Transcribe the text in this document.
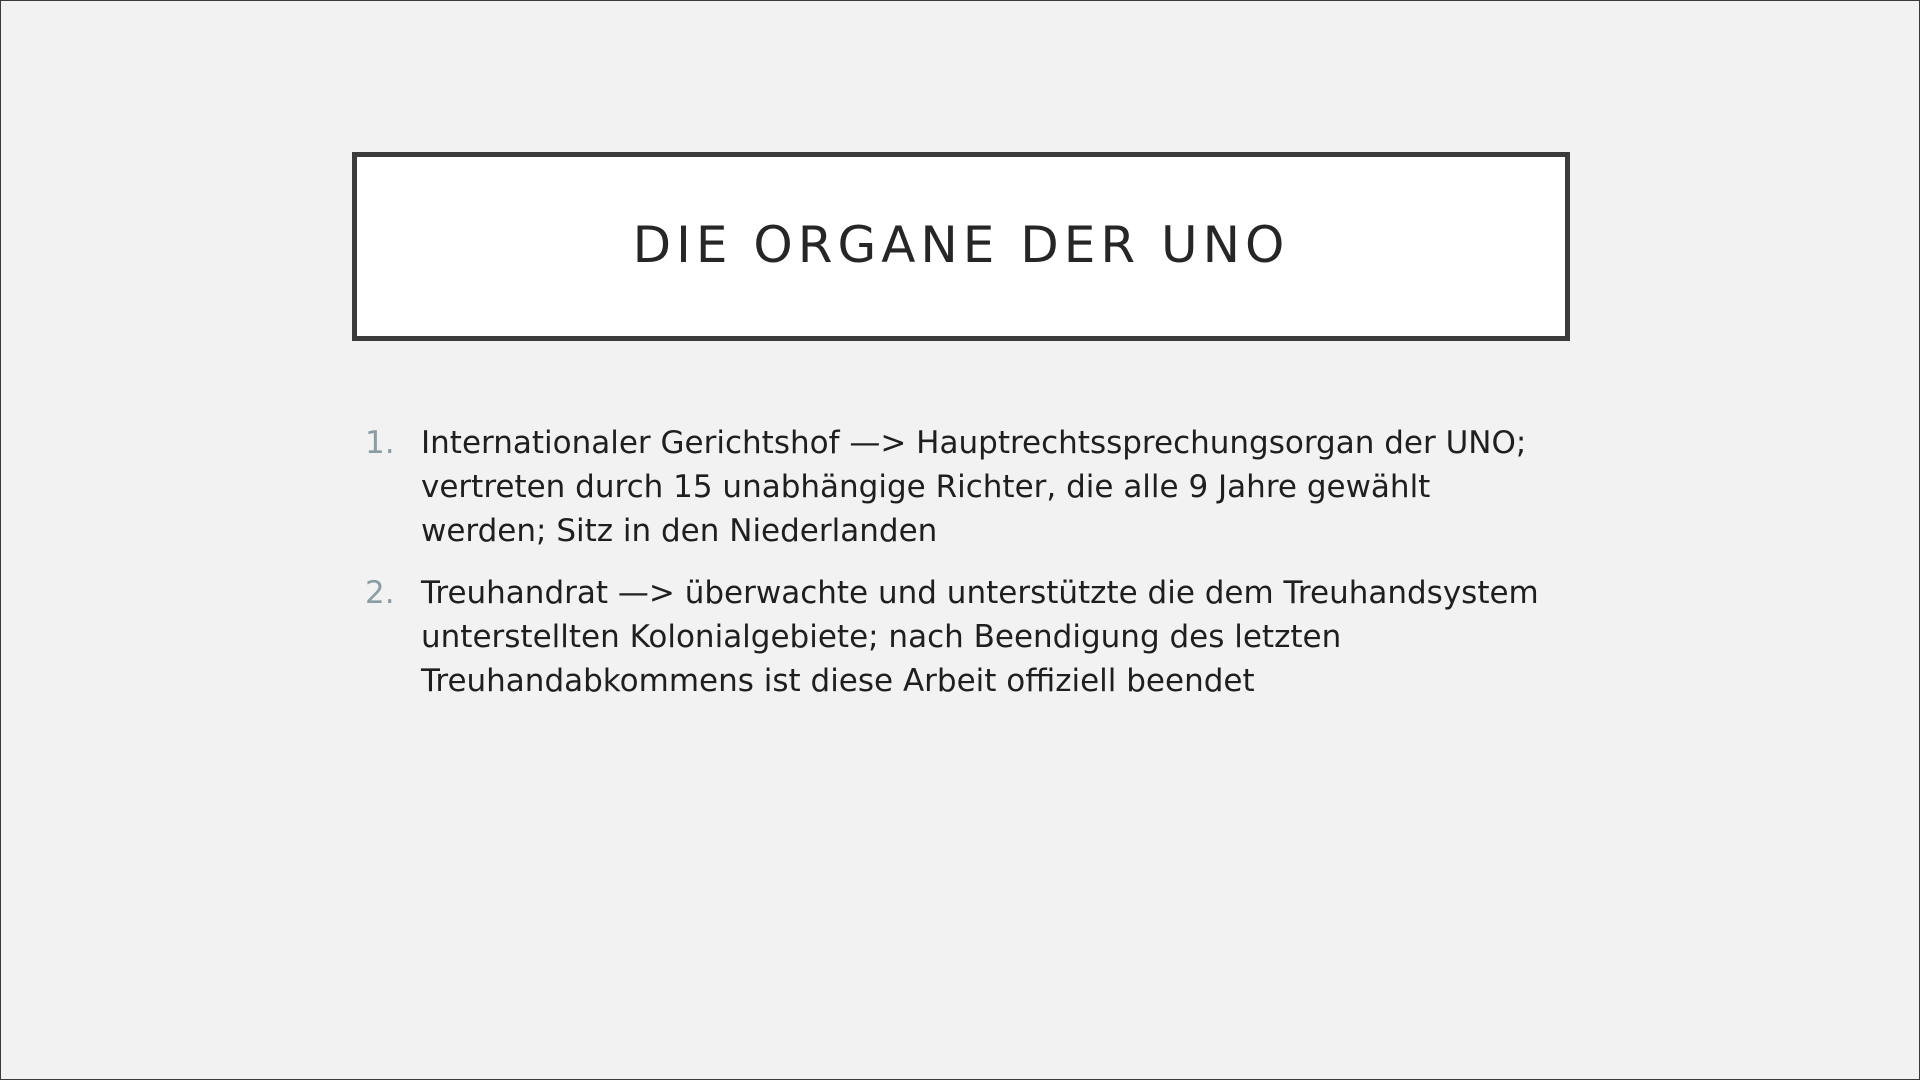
DIE ORGANE DER UNO
1. Internationaler Gerichtshof —> Hauptrechtssprechungsorgan der UNO; vertreten durch 15 unabhängige Richter, die alle 9 Jahre gewählt werden; Sitz in den Niederlanden

2. Treuhandrat —> überwachte und unterstützte die dem Treuhandsystem unterstellten Kolonialgebiete; nach Beendigung des letzten Treuhandabkommens ist diese Arbeit offiziell beendet
